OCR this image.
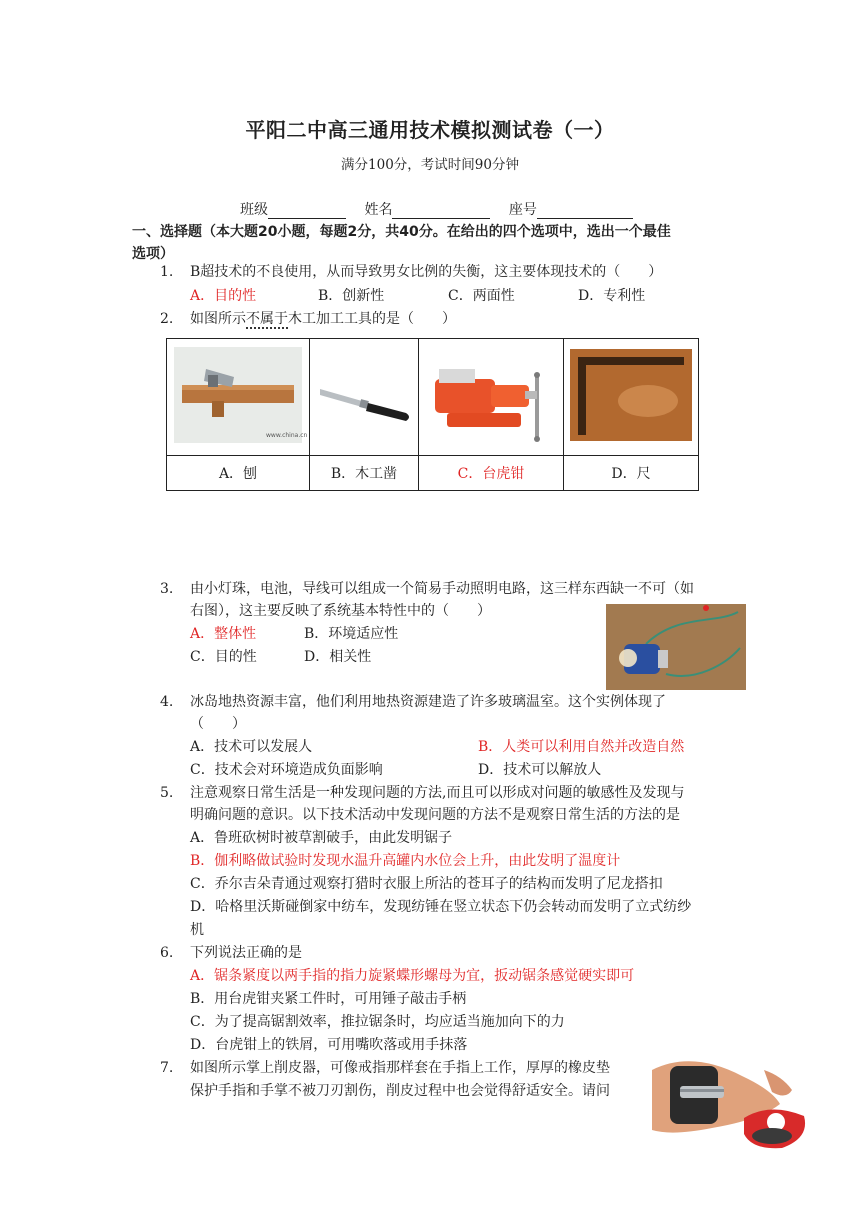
平阳二中高三通用技术模拟测试卷（一）
满分100分，考试时间90分钟
班级	姓名	座号
一、选择题（本大题20小题，每题2分，共40分。在给出的四个选项中，选出一个最佳
选项）
1. B超技术的不良使用，从而导致男女比例的失衡，这主要体现技术的（　　）
A．目的性	B．创新性	C．两面性	D．专利性
2. 如图所示不属于木工加工工具的是（　　）
www.china.cn

A．刨	B．木工凿	C．台虎钳	D．尺
3. 由小灯珠，电池，导线可以组成一个简易手动照明电路，这三样东西缺一不可（如
右图），这主要反映了系统基本特性中的（　　）
A．整体性	B．环境适应性
C．目的性	D．相关性
4. 冰岛地热资源丰富，他们利用地热资源建造了许多玻璃温室。这个实例体现了
（　　）
A．技术可以发展人	B．人类可以利用自然并改造自然
C．技术会对环境造成负面影响	D．技术可以解放人
5. 注意观察日常生活是一种发现问题的方法,而且可以形成对问题的敏感性及发现与
明确问题的意识。以下技术活动中发现问题的方法不是观察日常生活的方法的是
A．鲁班砍树时被草割破手，由此发明锯子
B．伽利略做试验时发现水温升高罐内水位会上升，由此发明了温度计
C．乔尔吉朵青通过观察打猎时衣服上所沾的苍耳子的结构而发明了尼龙搭扣
D．哈格里沃斯碰倒家中纺车，发现纺锤在竖立状态下仍会转动而发明了立式纺纱
机
6. 下列说法正确的是
A．锯条紧度以两手指的指力旋紧蝶形螺母为宜，扳动锯条感觉硬实即可
B．用台虎钳夹紧工件时，可用锤子敲击手柄
C．为了提高锯割效率，推拉锯条时，均应适当施加向下的力
D．台虎钳上的铁屑，可用嘴吹落或用手抹落
7. 如图所示掌上削皮器，可像戒指那样套在手指上工作，厚厚的橡皮垫
保护手指和手掌不被刀刃割伤，削皮过程中也会觉得舒适安全。请问
